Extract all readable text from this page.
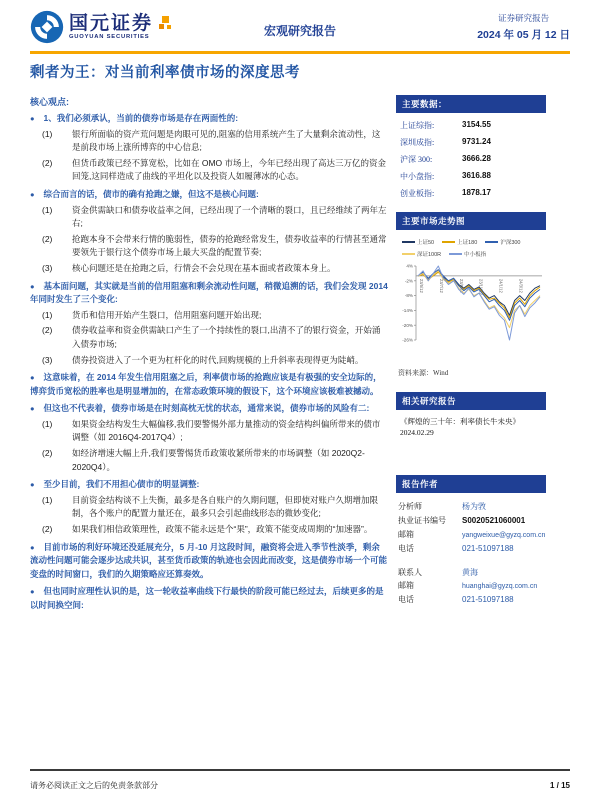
国元证券
GUOYUAN SECURITIES	宏观研究报告
证券研究报告
2024 年 05 月 12 日
剩者为王：对当前利率债市场的深度思考
核心观点:
● 1、我们必须承认，当前的债券市场是存在两面性的:
(1) 银行所面临的资产荒问题是肉眼可见的,阻塞的信用系统产生了大量剩余流动性，这是前段市场上涨所博弈的中心信息;
(2) 但货币政策已经不算宽松，比如在 OMO 市场上，今年已经出现了高达三万亿的资金回笼,这同样造成了曲线的平坦化以及投资人如履薄冰的心态。
● 综合而言的话，债市的确有抢跑之嫌，但这不是核心问题:
(1) 资金供需缺口和债券收益率之间，已经出现了一个清晰的裂口，且已经维续了两年左右;
(2) 抢跑本身不会带来行情的脆弱性，债券的抢跑经常发生，债券收益率的行情甚至通常要领先于银行这个债券市场上最大买盘的配置节奏;
(3) 核心问题还是在抢跑之后，行情会不会兑现在基本面或者政策本身上。
● 基本面问题，其实就是当前的信用阻塞和剩余流动性问题，稍微追溯的话，我们会发现 2014 年同时发生了三个变化:
(1) 货币和信用开始产生裂口，信用阻塞问题开始出现;
(2) 债券收益率和资金供需缺口产生了一个持续性的裂口,出清不了的银行资金，开始涌入债券市场;
(3) 债券投资进入了一个更为杠杆化的时代,回购规模的上升斜率表现得更为陡峭。
● 这意味着，在 2014 年发生信用阻塞之后，利率债市场的抢跑应该是有极强的安全边际的，博弈货币宽松的胜率也是明显增加的，在常态政策环境的假设下，这个环境应该极难被撼动。
● 但这也不代表着，债券市场是在时刻高枕无忧的状态，通常来说，债券市场的风险有二:
(1) 如果资金结构发生大幅偏移,我们要警惕外部力量推动的资金结构纠偏所带来的债市调整（如 2016Q4-2017Q4）;
(2) 如经济增速大幅上升,我们要警惕货币政策收紧所带来的市场调整（如 2020Q2-2020Q4）。
● 至少目前，我们不用担心债市的明显调整:
(1) 目前资金结构谈不上失衡，最多是各自账户的久期问题，但即使对账户久期增加限制，各个账户的配置力量还在，最多只会引起曲线形态的微妙变化;
(2) 如果我们相信政策理性，政策不能永远是个“果”，政策不能变成周期的“加速器”。
● 目前市场的利好环境还没延展充分，5 月-10 月这段时间，融资将会进入季节性淡季，剩余流动性问题可能会逐步达成共识，甚至货币政策的轨迹也会因此而改变，这是债券市场一个可能变盘的时间窗口，我们的久期策略应还算奏效。
● 但也同时应理性认识的是，这一轮收益率曲线下行最快的阶段可能已经过去，后续更多的是以时间换空间:
主要数据：
上证综指:	3154.55
深圳成指:	9731.24
沪深 300:	3666.28
中小盘指:	3616.88
创业板指:	1878.17
主要市场走势图
上证50	上证180	沪深300
深证100R	中小板指
4%
-2%
-8%
-14%
-20%
-26%
23/5/12	23/7/12	23/9/12	23/11/12	24/1/12	24/3/12
资料来源：Wind
相关研究报告
《辉煌的三十年：利率债长牛未央》2024.02.29
报告作者
分析师	杨为敩
执业证书编号	S0020521060001
邮箱	yangweixue@gyzq.com.cn
电话	021-51097188
联系人	黄海
邮箱	huanghai@gyzq.com.cn
电话	021-51097188
请务必阅读正文之后的免责条款部分	1 / 15
